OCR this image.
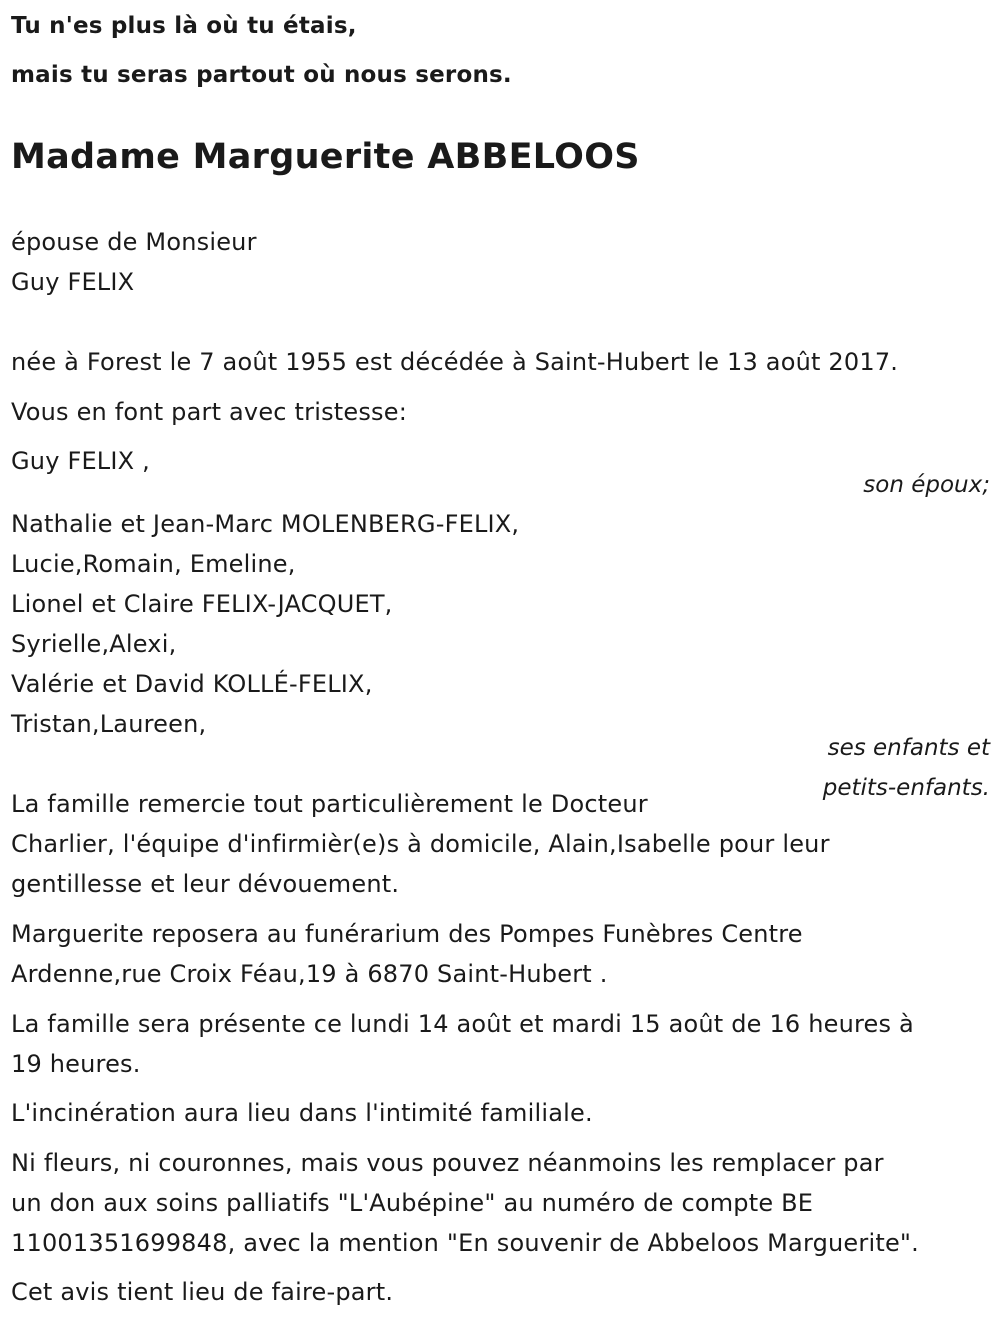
Tu n'es plus là où tu étais,
mais tu seras partout où nous serons.
Madame Marguerite ABBELOOS
épouse de Monsieur
Guy FELIX
née à Forest le 7 août 1955 est décédée à Saint-Hubert le 13 août 2017.
Vous en font part avec tristesse:
Guy FELIX ,
son époux;
Nathalie et Jean-Marc MOLENBERG-FELIX,
Lucie,Romain, Emeline,
Lionel et Claire FELIX-JACQUET,
Syrielle,Alexi,
Valérie et David KOLLÉ-FELIX,
Tristan,Laureen,
ses enfants et
petits-enfants.
La famille remercie tout particulièrement le Docteur
Charlier, l'équipe d'infirmièr(e)s à domicile, Alain,Isabelle pour leur
gentillesse et leur dévouement.
Marguerite reposera au funérarium des Pompes Funèbres Centre
Ardenne,rue Croix Féau,19 à 6870 Saint-Hubert .
La famille sera présente ce lundi 14 août et mardi 15 août de 16 heures à
19 heures.
L'incinération aura lieu dans l'intimité familiale.
Ni fleurs, ni couronnes, mais vous pouvez néanmoins les remplacer par
un don aux soins palliatifs "L'Aubépine" au numéro de compte BE
11001351699848, avec la mention "En souvenir de Abbeloos Marguerite".
Cet avis tient lieu de faire-part.
